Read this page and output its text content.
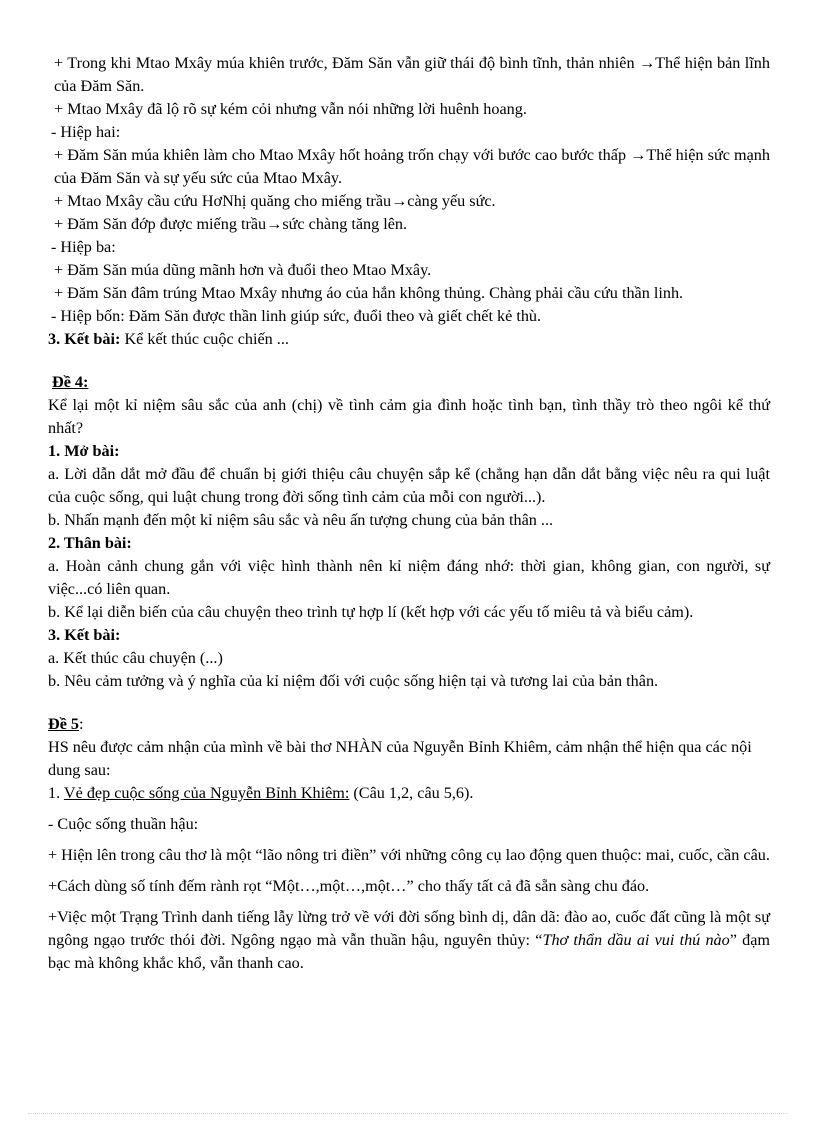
+ Trong khi Mtao Mxây múa khiên trước, Đăm Săn vẫn giữ thái độ bình tĩnh, thản nhiên →Thể hiện bản lĩnh của Đăm Săn.

+ Mtao Mxây đã lộ rõ sự kém cỏi nhưng vẫn nói những lời huênh hoang.

- Hiệp hai:

+ Đăm Săn múa khiên làm cho Mtao Mxây hốt hoảng trốn chạy với bước cao bước thấp →Thể hiện sức mạnh của Đăm Săn và sự yếu sức của Mtao Mxây.

+ Mtao Mxây cầu cứu HơNhị quăng cho miếng trầu→càng yếu sức.

+ Đăm Săn đớp được miếng trầu→sức chàng tăng lên.

- Hiệp ba:

+ Đăm Săn múa dũng mãnh hơn và đuổi theo Mtao Mxây.

+ Đăm Săn đâm trúng Mtao Mxây nhưng áo của hắn không thủng. Chàng phải cầu cứu thần linh.

- Hiệp bốn: Đăm Săn được thần linh giúp sức, đuổi theo và giết chết kẻ thù.

3. Kết bài: Kể kết thúc cuộc chiến ...

Đề 4:

Kể lại một kỉ niệm sâu sắc của anh (chị) về tình cảm gia đình hoặc tình bạn, tình thầy trò theo ngôi kể thứ nhất?

1. Mở bài:

a. Lời dẫn dắt mở đầu để chuẩn bị giới thiệu câu chuyện sắp kể (chẳng hạn dẫn dắt bằng việc nêu ra qui luật của cuộc sống, qui luật chung trong đời sống tình cảm của mỗi con người...).

b. Nhấn mạnh đến một kỉ niệm sâu sắc và nêu ấn tượng chung của bản thân ...

2. Thân bài:

a. Hoàn cảnh chung gắn với việc hình thành nên kỉ niệm đáng nhớ: thời gian, không gian, con người, sự việc...có liên quan.

b. Kể lại diễn biến của câu chuyện theo trình tự hợp lí (kết hợp với các yếu tố miêu tả và biểu cảm).

3. Kết bài:

a. Kết thúc câu chuyện (...)

b. Nêu cảm tưởng và ý nghĩa của kỉ niệm đối với cuộc sống hiện tại và tương lai của bản thân.

Đề 5:

HS nêu được cảm nhận của mình về bài thơ NHÀN của Nguyễn Bỉnh Khiêm, cảm nhận thể hiện qua các nội dung sau:

1. Vẻ đẹp cuộc sống của Nguyễn Bỉnh Khiêm: (Câu 1,2, câu 5,6).

- Cuộc sống thuần hậu:

+ Hiện lên trong câu thơ là một “lão nông tri điền” với những công cụ lao động quen thuộc: mai, cuốc, cần câu.

+Cách dùng số tính đếm rành rọt “Một…,một…,một…” cho thấy tất cả đã sẵn sàng chu đáo.

+Việc một Trạng Trình danh tiếng lẫy lừng trở về với đời sống bình dị, dân dã: đào ao, cuốc đất cũng là một sự ngông ngạo trước thói đời. Ngông ngạo mà vẫn thuần hậu, nguyên thủy: “Thơ thẩn dầu ai vui thú nào” đạm bạc mà không khắc khổ, vẫn thanh cao.
